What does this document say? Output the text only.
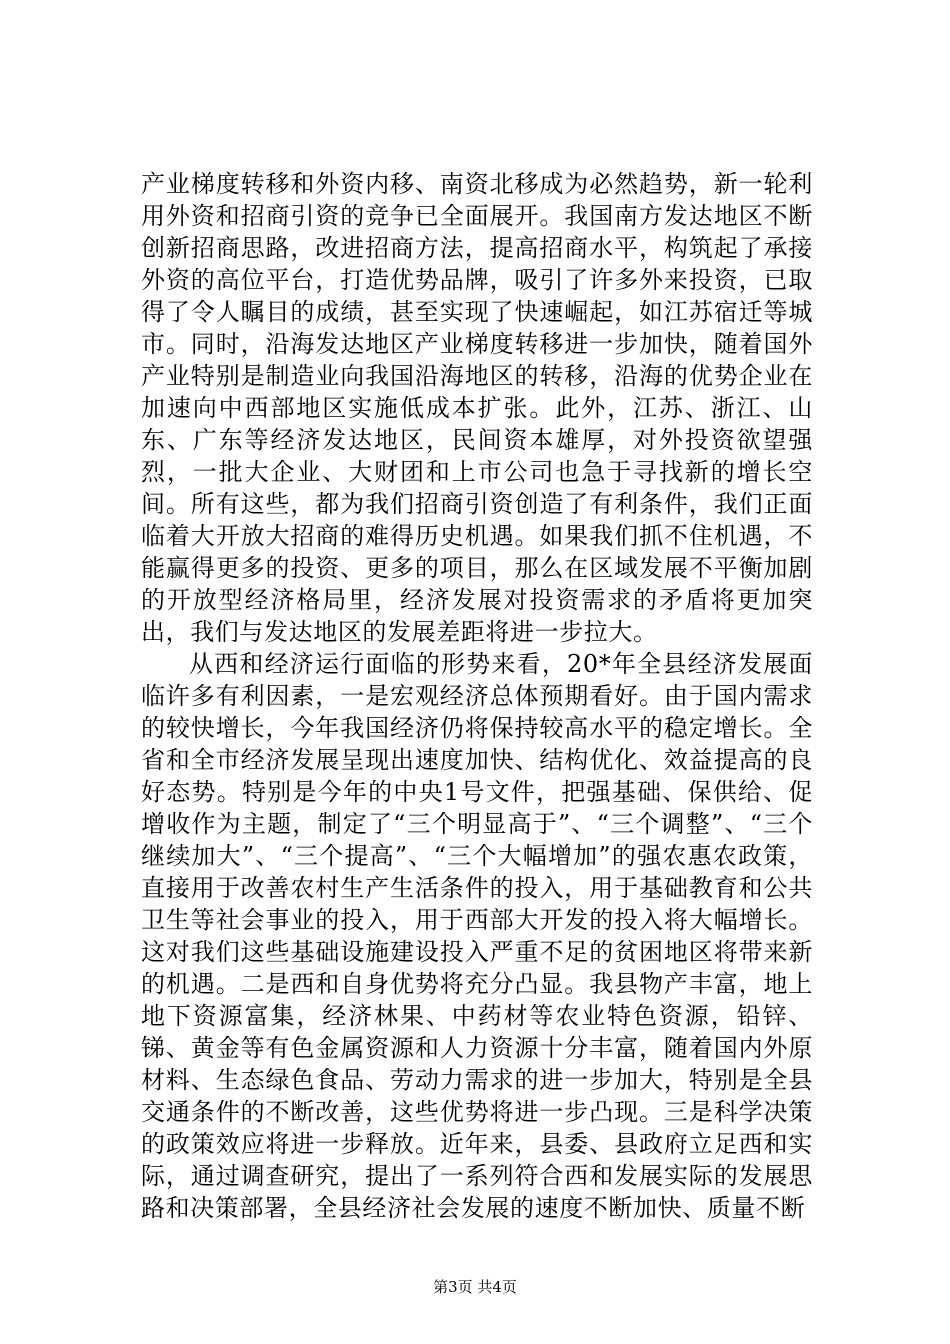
产业梯度转移和外资内移、南资北移成为必然趋势，新一轮利用外资和招商引资的竞争已全面展开。我国南方发达地区不断创新招商思路，改进招商方法，提高招商水平，构筑起了承接外资的高位平台，打造优势品牌，吸引了许多外来投资，已取得了令人瞩目的成绩，甚至实现了快速崛起，如江苏宿迁等城市。同时，沿海发达地区产业梯度转移进一步加快，随着国外产业特别是制造业向我国沿海地区的转移，沿海的优势企业在加速向中西部地区实施低成本扩张。此外，江苏、浙江、山东、广东等经济发达地区，民间资本雄厚，对外投资欲望强烈，一批大企业、大财团和上市公司也急于寻找新的增长空间。所有这些，都为我们招商引资创造了有利条件，我们正面临着大开放大招商的难得历史机遇。如果我们抓不住机遇，不能赢得更多的投资、更多的项目，那么在区域发展不平衡加剧的开放型经济格局里，经济发展对投资需求的矛盾将更加突出，我们与发达地区的发展差距将进一步拉大。

从西和经济运行面临的形势来看，20*年全县经济发展面临许多有利因素，一是宏观经济总体预期看好。由于国内需求的较快增长，今年我国经济仍将保持较高水平的稳定增长。全省和全市经济发展呈现出速度加快、结构优化、效益提高的良好态势。特别是今年的中央1号文件，把强基础、保供给、促增收作为主题，制定了“三个明显高于”、“三个调整”、“三个继续加大”、“三个提高”、“三个大幅增加”的强农惠农政策，直接用于改善农村生产生活条件的投入，用于基础教育和公共卫生等社会事业的投入，用于西部大开发的投入将大幅增长。这对我们这些基础设施建设投入严重不足的贫困地区将带来新的机遇。二是西和自身优势将充分凸显。我县物产丰富，地上地下资源富集，经济林果、中药材等农业特色资源，铅锌、锑、黄金等有色金属资源和人力资源十分丰富，随着国内外原材料、生态绿色食品、劳动力需求的进一步加大，特别是全县交通条件的不断改善，这些优势将进一步凸现。三是科学决策的政策效应将进一步释放。近年来，县委、县政府立足西和实际，通过调查研究，提出了一系列符合西和发展实际的发展思路和决策部署，全县经济社会发展的速度不断加快、质量不断

第3页 共4页
